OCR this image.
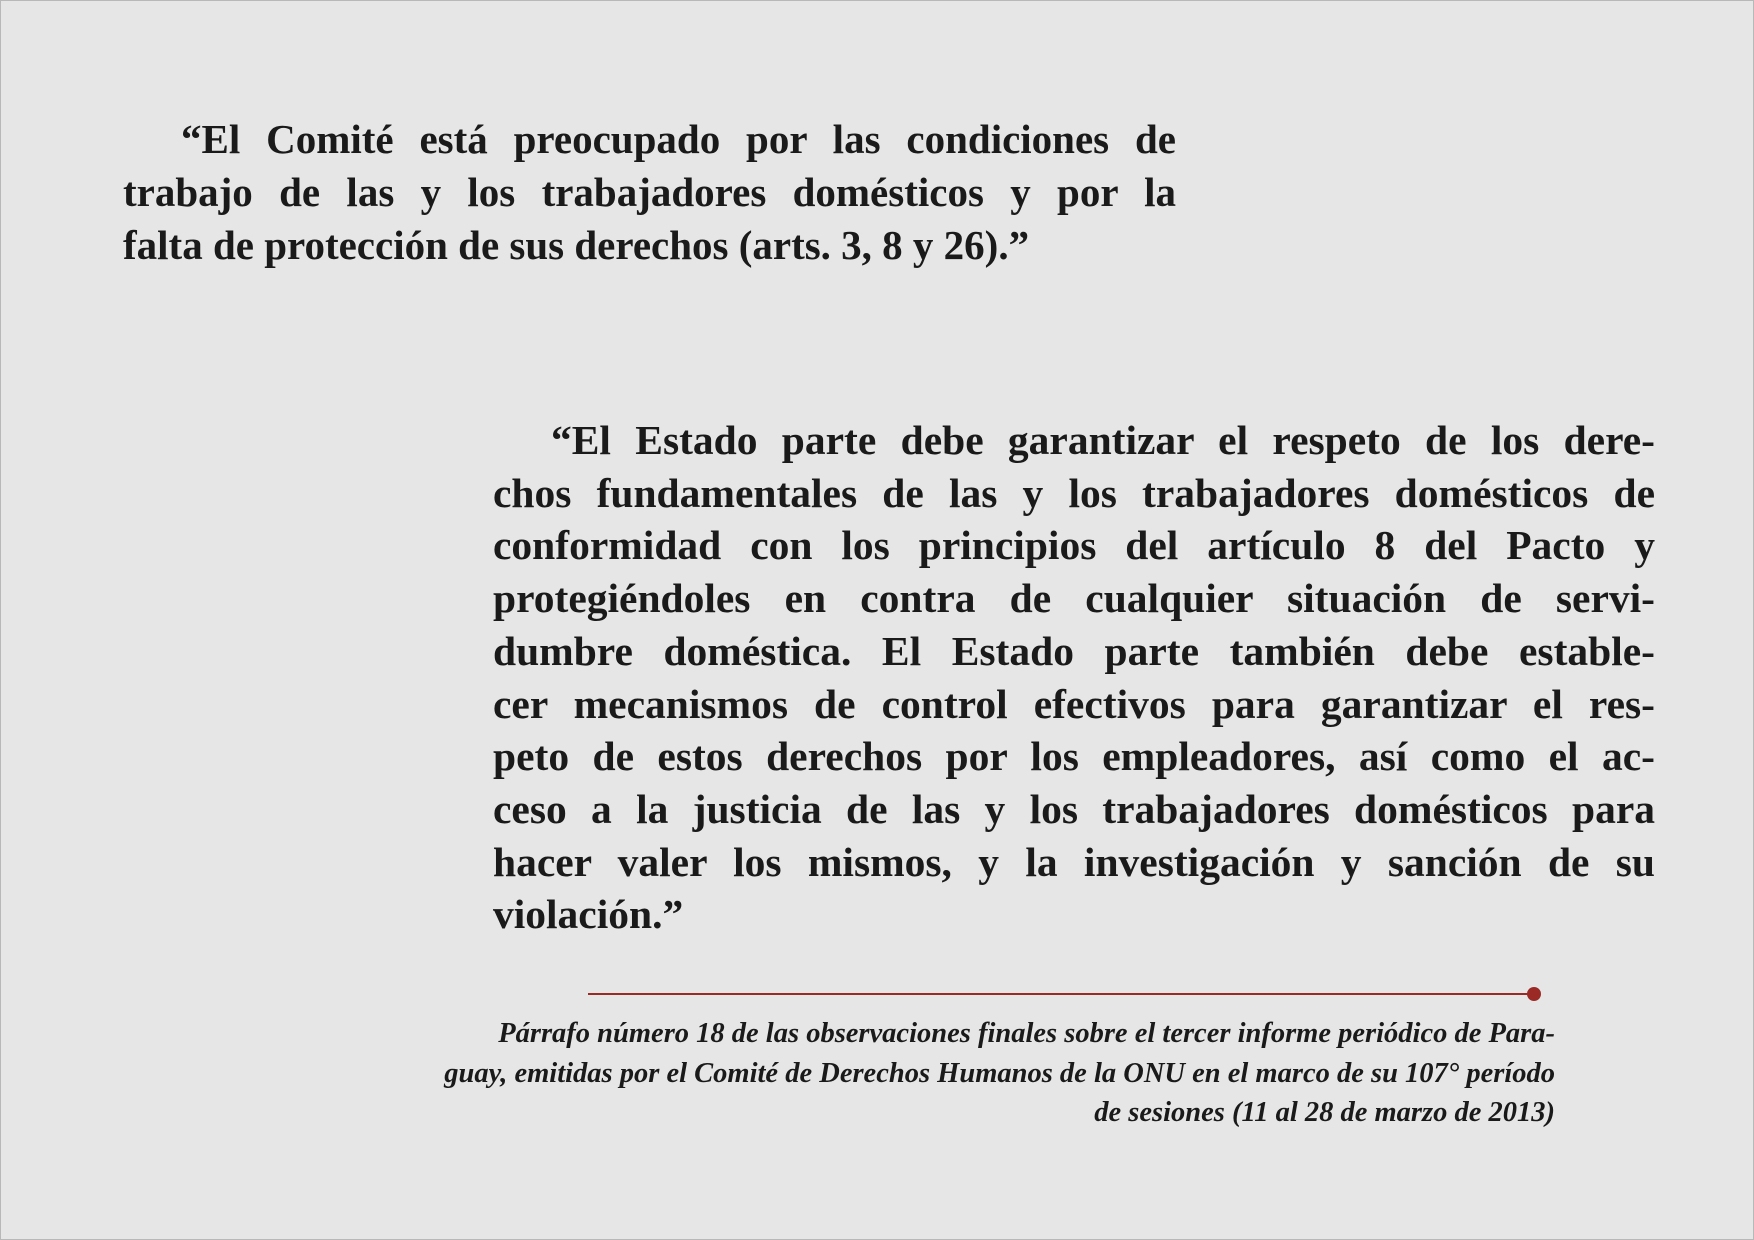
“El Comité está preocupado por las condiciones de
trabajo de las y los trabajadores domésticos y por la
falta de protección de sus derechos (arts. 3, 8 y 26).”

“El Estado parte debe garantizar el respeto de los dere-
chos fundamentales de las y los trabajadores domésticos de
conformidad con los principios del artículo 8 del Pacto y
protegiéndoles en contra de cualquier situación de servi-
dumbre doméstica. El Estado parte también debe estable-
cer mecanismos de control efectivos para garantizar el res-
peto de estos derechos por los empleadores, así como el ac-
ceso a la justicia de las y los trabajadores domésticos para
hacer valer los mismos, y la investigación y sanción de su
violación.”

Párrafo número 18 de las observaciones finales sobre el tercer informe periódico de Para-
guay, emitidas por el Comité de Derechos Humanos de la ONU en el marco de su 107° período
de sesiones (11 al 28 de marzo de 2013)
